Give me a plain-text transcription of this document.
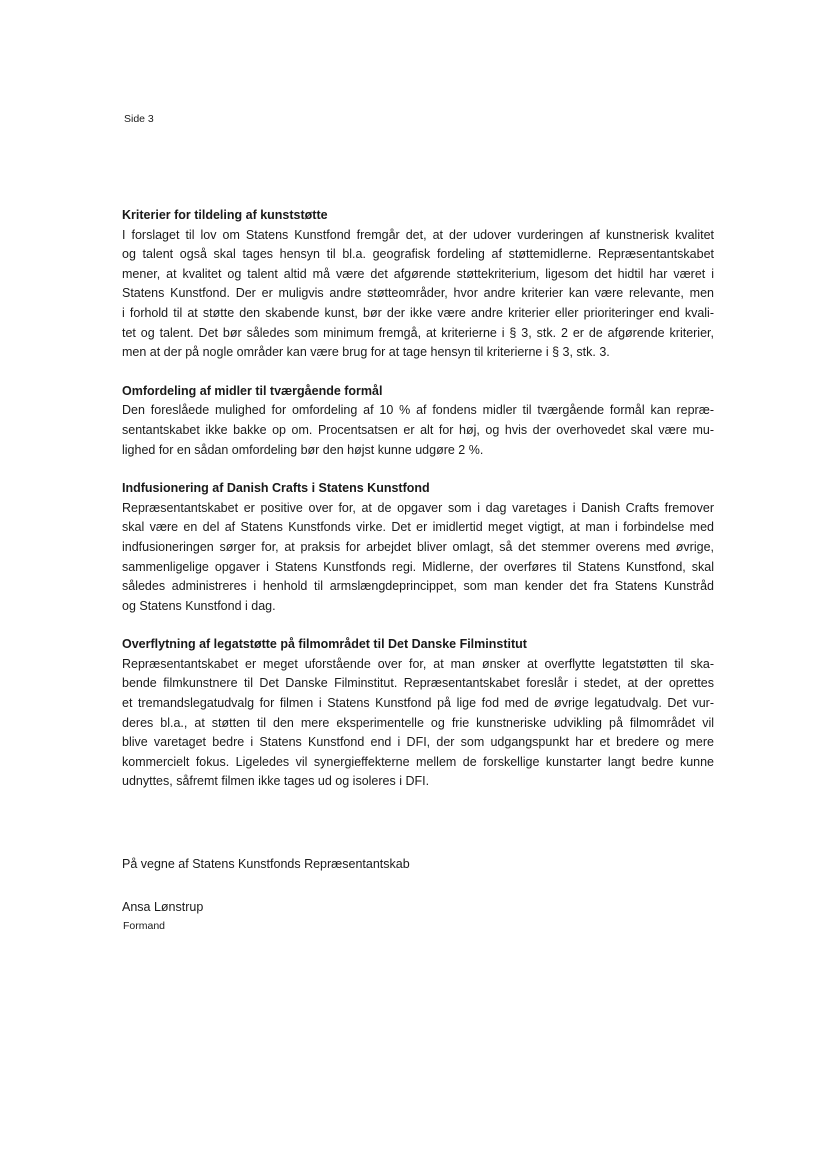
Side 3

Kriterier for tildeling af kunststøtte

I forslaget til lov om Statens Kunstfond fremgår det, at der udover vurderingen af kunstnerisk kvalitet
og talent også skal tages hensyn til bl.a. geografisk fordeling af støttemidlerne. Repræsentantskabet
mener, at kvalitet og talent altid må være det afgørende støttekriterium, ligesom det hidtil har været i
Statens Kunstfond. Der er muligvis andre støtteområder, hvor andre kriterier kan være relevante, men
i forhold til at støtte den skabende kunst, bør der ikke være andre kriterier eller prioriteringer end kvali-
tet og talent. Det bør således som minimum fremgå, at kriterierne i § 3, stk. 2 er de afgørende kriterier,
men at der på nogle områder kan være brug for at tage hensyn til kriterierne i § 3, stk. 3.

Omfordeling af midler til tværgående formål

Den foreslåede mulighed for omfordeling af 10 % af fondens midler til tværgående formål kan repræ-
sentantskabet ikke bakke op om. Procentsatsen er alt for høj, og hvis der overhovedet skal være mu-
lighed for en sådan omfordeling bør den højst kunne udgøre 2 %.

Indfusionering af Danish Crafts i Statens Kunstfond

Repræsentantskabet er positive over for, at de opgaver som i dag varetages i Danish Crafts fremover
skal være en del af Statens Kunstfonds virke. Det er imidlertid meget vigtigt, at man i forbindelse med
indfusioneringen sørger for, at praksis for arbejdet bliver omlagt, så det stemmer overens med øvrige,
sammenligelige opgaver i Statens Kunstfonds regi. Midlerne, der overføres til Statens Kunstfond, skal
således administreres i henhold til armslængdeprincippet, som man kender det fra Statens Kunstråd
og Statens Kunstfond i dag.

Overflytning af legatstøtte på filmområdet til Det Danske Filminstitut

Repræsentantskabet er meget uforstående over for, at man ønsker at overflytte legatstøtten til ska-
bende filmkunstnere til Det Danske Filminstitut. Repræsentantskabet foreslår i stedet, at der oprettes
et tremandslegatudvalg for filmen i Statens Kunstfond på lige fod med de øvrige legatudvalg. Det vur-
deres bl.a., at støtten til den mere eksperimentelle og frie kunstneriske udvikling på filmområdet vil
blive varetaget bedre i Statens Kunstfond end i DFI, der som udgangspunkt har et bredere og mere
kommercielt fokus. Ligeledes vil synergieffekterne mellem de forskellige kunstarter langt bedre kunne
udnyttes, såfremt filmen ikke tages ud og isoleres i DFI.

På vegne af Statens Kunstfonds Repræsentantskab

Ansa Lønstrup

Formand
